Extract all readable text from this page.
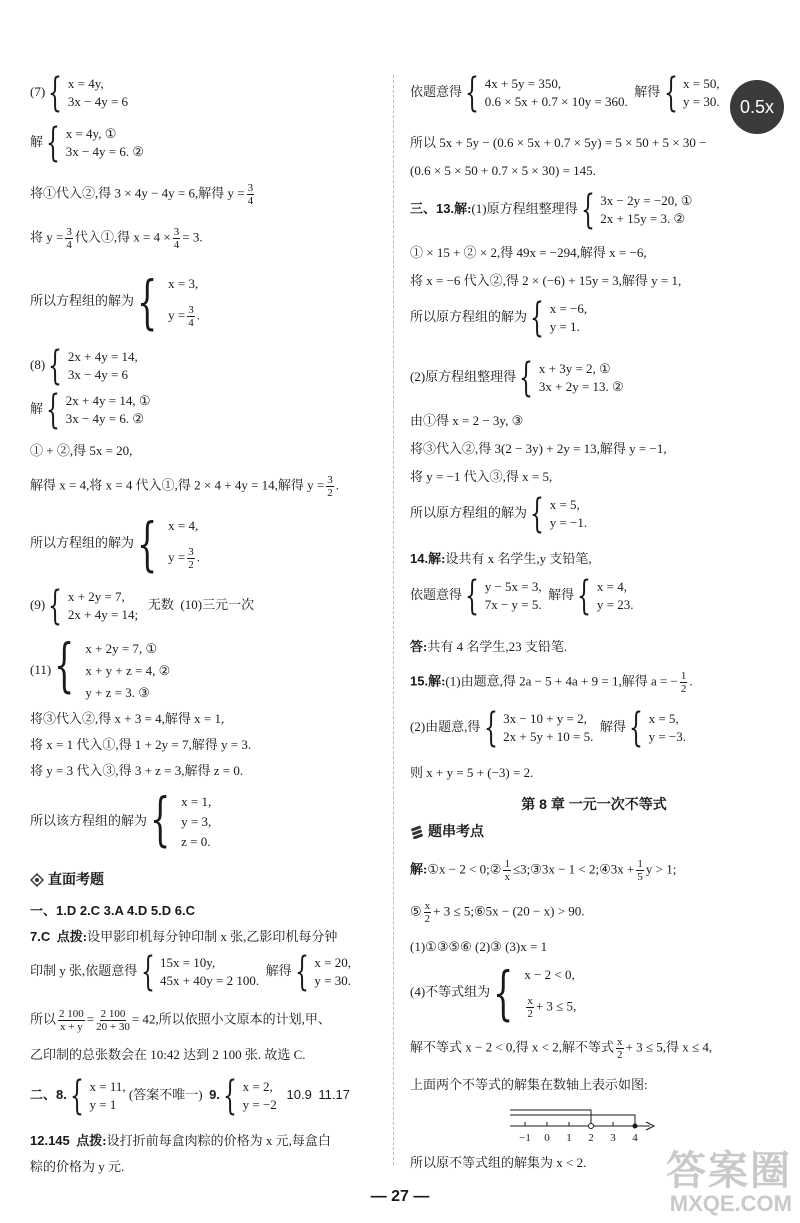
0.5x
(7) { x = 4y,
3x − 4y = 6
解 { x = 4y, ①
3x − 4y = 6. ②
将①代入②,得 3 × 4y − 4y = 6,解得 $y = \frac{3}{4}$
将 $y = \frac{3}{4}$ 代入①,得 $x = 4 \times \frac{3}{4} = 3$.
所以方程组的解为 { x = 3,
$y = \frac{3}{4}$ .
(8) { 2x + 4y = 14,
3x − 4y = 6
解 { 2x + 4y = 14, ①
3x − 4y = 6. ②
① + ②,得 5x = 20,
解得 x = 4,将 x = 4 代入①,得 2 × 4 + 4y = 14,解得 $y = \frac{3}{2}$ .
所以方程组的解为 { x = 4,
$y = \frac{3}{2}$ .
(9) { x + 2y = 7,
2x + 4y = 14;
无数 (10)三元一次
(11) { x + 2y = 7, ①
x + y + z = 4, ②
y + z = 3. ③
将③代入②,得 x + 3 = 4,解得 x = 1,
将 x = 1 代入①,得 1 + 2y = 7,解得 y = 3.
将 y = 3 代入③,得 3 + z = 3,解得 z = 0.
所以该方程组的解为 { x = 1,
y = 3,
z = 0.
直面考题
一、1.D 2.C 3.A 4.D 5.D 6.C
7.C 点拨:设甲影印机每分钟印制 x 张,乙影印机每分钟
印制 y 张,依题意得 { 15x = 10y,
45x + 40y = 2 100.
解得 { x = 20,
y = 30.
所以 $\frac{2 100}{x + y} = \frac{2 100}{20 + 30} = 42$,所以依照小文原本的计划,甲、
乙印制的总张数会在 10:42 达到 2 100 张. 故选 C.
二、8. { x = 11,
y = 1
(答案不唯一) 9. { x = 2,
y = −2
10.9 11.17
12.145 点拨:设打折前每盒肉粽的价格为 x 元,每盒白
粽的价格为 y 元.
依题意得 { 4x + 5y = 350,
0.6 × 5x + 0.7 × 10y = 360.
解得 { x = 50,
y = 30.
所以 5x + 5y − (0.6 × 5x + 0.7 × 5y) = 5 × 50 + 5 × 30 −
(0.6 × 5 × 50 + 0.7 × 5 × 30) = 145.
三、13.解:(1)原方程组整理得 { 3x − 2y = −20, ①
2x + 15y = 3. ②
① × 15 + ② × 2,得 49x = −294,解得 x = −6,
将 x = −6 代入②,得 2 × (−6) + 15y = 3,解得 y = 1,
所以原方程组的解为 { x = −6,
y = 1.
(2)原方程组整理得 { x + 3y = 2, ①
3x + 2y = 13. ②
由①得 x = 2 − 3y, ③
将③代入②,得 3(2 − 3y) + 2y = 13,解得 y = −1,
将 y = −1 代入③,得 x = 5,
所以原方程组的解为 { x = 5,
y = −1.
14.解:设共有 x 名学生,y 支铅笔,
依题意得 { y − 5x = 3,
7x − y = 5.
解得 { x = 4,
y = 23.
答:共有 4 名学生,23 支铅笔.
15.解:(1)由题意,得 2a − 5 + 4a + 9 = 1,解得 a = − $\frac{1}{2}$ .
(2)由题意,得 { 3x − 10 + y = 2,
2x + 5y + 10 = 5.
解得 { x = 5,
y = −3.
则 x + y = 5 + (−3) = 2.
第 8 章 一元一次不等式
题串考点
解:①x − 2 < 0;② $\frac{1}{x}$ ≤3;③3x − 1 < 2;④3x + $\frac{1}{5}$ y > 1;
⑤ $\frac{x}{2} + 3$ ≤ 5;⑥5x − (20 − x) > 90.
(1)①③⑤⑥ (2)③ (3)x = 1
(4)不等式组为 { x − 2 < 0,
$\frac{x}{2} + 3 \le 5$,
解不等式 x − 2 < 0,得 x < 2,解不等式 $\frac{x}{2} + 3 \le 5$,得 x ≤ 4,
上面两个不等式的解集在数轴上表示如图:
−1 0 1 2 3 4
所以原不等式组的解集为 x < 2.
— 27 —
答案圈
MXQE.COM
